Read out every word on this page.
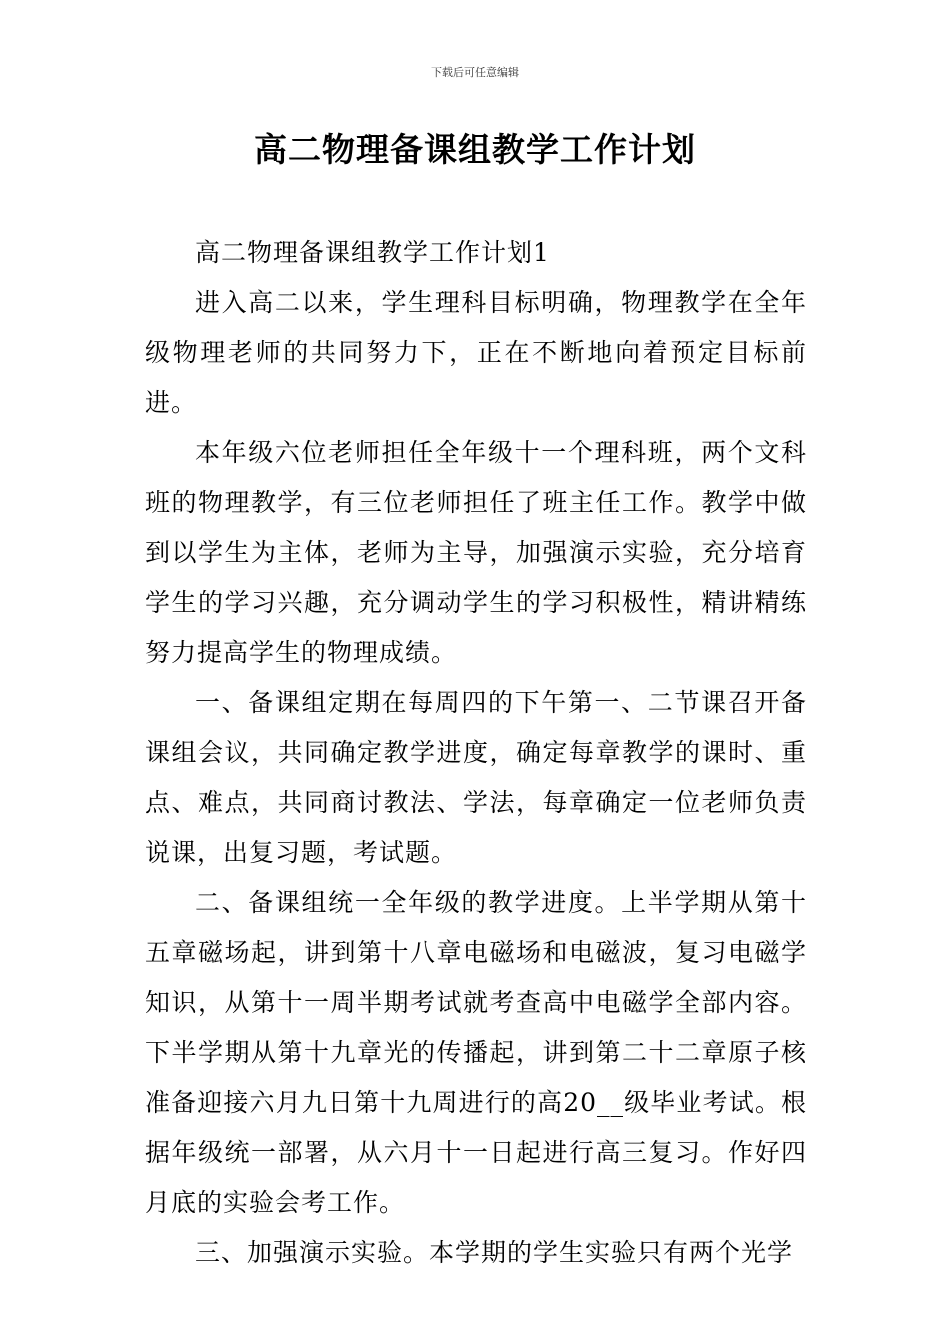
下载后可任意编辑
高二物理备课组教学工作计划

高二物理备课组教学工作计划1

进入高二以来，学生理科目标明确，物理教学在全年级物理老师的共同努力下，正在不断地向着预定目标前进。

本年级六位老师担任全年级十一个理科班，两个文科班的物理教学，有三位老师担任了班主任工作。教学中做到以学生为主体，老师为主导，加强演示实验，充分培育学生的学习兴趣，充分调动学生的学习积极性，精讲精练努力提高学生的物理成绩。

一、备课组定期在每周四的下午第一、二节课召开备课组会议，共同确定教学进度，确定每章教学的课时、重点、难点，共同商讨教法、学法，每章确定一位老师负责说课，出复习题，考试题。

二、备课组统一全年级的教学进度。上半学期从第十五章磁场起，讲到第十八章电磁场和电磁波，复习电磁学知识，从第十一周半期考试就考查高中电磁学全部内容。下半学期从第十九章光的传播起，讲到第二十二章原子核准备迎接六月九日第十九周进行的高20__级毕业考试。根据年级统一部署，从六月十一日起进行高三复习。作好四月底的实验会考工作。

三、加强演示实验。本学期的学生实验只有两个光学
